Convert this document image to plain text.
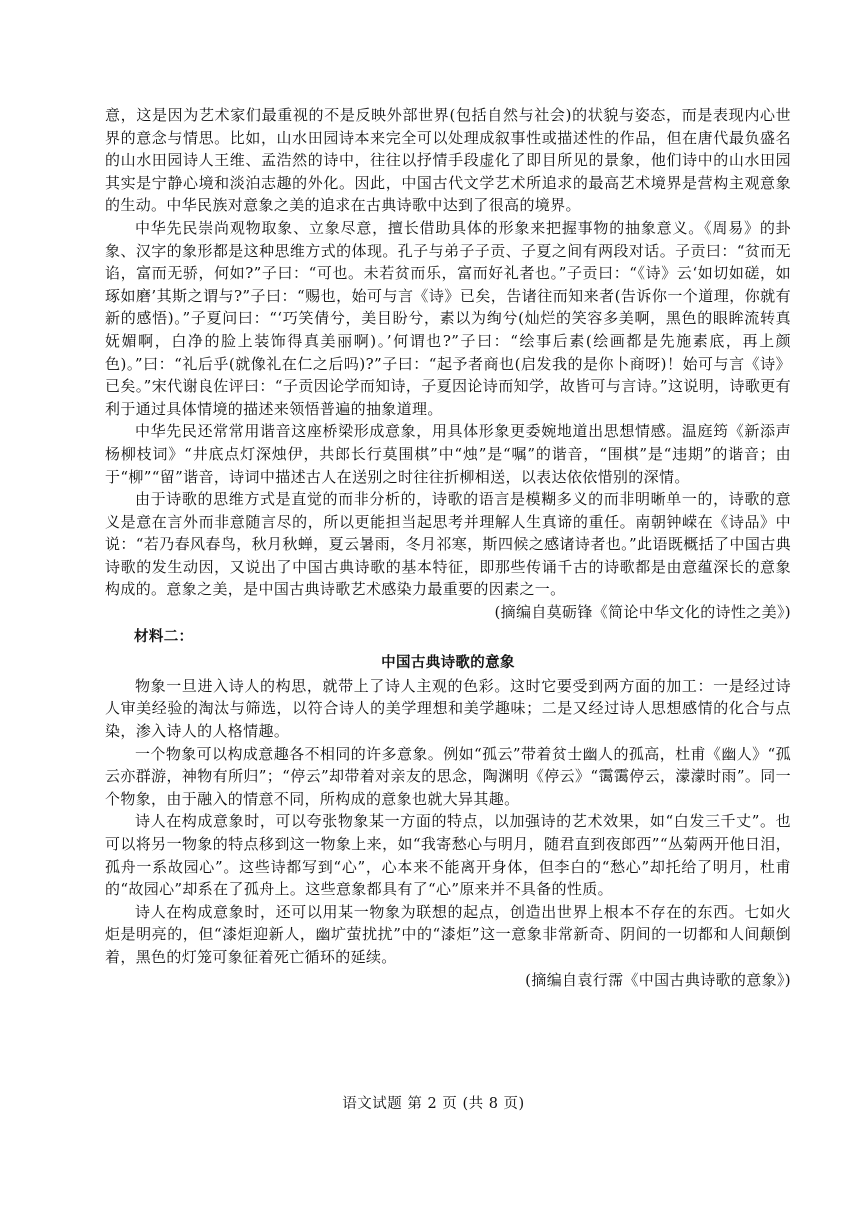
意，这是因为艺术家们最重视的不是反映外部世界(包括自然与社会)的状貌与姿态，而是表现内心世界的意念与情思。比如，山水田园诗本来完全可以处理成叙事性或描述性的作品，但在唐代最负盛名的山水田园诗人王维、孟浩然的诗中，往往以抒情手段虚化了即目所见的景象，他们诗中的山水田园其实是宁静心境和淡泊志趣的外化。因此，中国古代文学艺术所追求的最高艺术境界是营构主观意象的生动。中华民族对意象之美的追求在古典诗歌中达到了很高的境界。

中华先民崇尚观物取象、立象尽意，擅长借助具体的形象来把握事物的抽象意义。《周易》的卦象、汉字的象形都是这种思维方式的体现。孔子与弟子子贡、子夏之间有两段对话。子贡曰：“贫而无谄，富而无骄，何如?”子曰：“可也。未若贫而乐，富而好礼者也。”子贡曰：“《诗》云‘如切如磋，如琢如磨’其斯之谓与?”子曰：“赐也，始可与言《诗》已矣，告诸往而知来者(告诉你一个道理，你就有新的感悟)。”子夏问曰：“‘巧笑倩兮，美目盼兮，素以为绚兮(灿烂的笑容多美啊，黑色的眼眸流转真妩媚啊，白净的脸上装饰得真美丽啊)。’何谓也?”子曰：“绘事后素(绘画都是先施素底，再上颜色)。”曰：“礼后乎(就像礼在仁之后吗)?”子曰：“起予者商也(启发我的是你卜商呀)！始可与言《诗》已矣。”宋代谢良佐评曰：“子贡因论学而知诗，子夏因论诗而知学，故皆可与言诗。”这说明，诗歌更有利于通过具体情境的描述来领悟普遍的抽象道理。

中华先民还常常用谐音这座桥梁形成意象，用具体形象更委婉地道出思想情感。温庭筠《新添声杨柳枝词》“井底点灯深烛伊，共郎长行莫围棋”中“烛”是“嘱”的谐音，“围棋”是“违期”的谐音；由于“柳”“留”谐音，诗词中描述古人在送别之时往往折柳相送，以表达依依惜别的深情。

由于诗歌的思维方式是直觉的而非分析的，诗歌的语言是模糊多义的而非明晰单一的，诗歌的意义是意在言外而非意随言尽的，所以更能担当起思考并理解人生真谛的重任。南朝钟嵘在《诗品》中说：“若乃春风春鸟，秋月秋蝉，夏云暑雨，冬月祁寒，斯四候之感诸诗者也。”此语既概括了中国古典诗歌的发生动因，又说出了中国古典诗歌的基本特征，即那些传诵千古的诗歌都是由意蕴深长的意象构成的。意象之美，是中国古典诗歌艺术感染力最重要的因素之一。

(摘编自莫砺锋《简论中华文化的诗性之美》)

材料二：

中国古典诗歌的意象

物象一旦进入诗人的构思，就带上了诗人主观的色彩。这时它要受到两方面的加工：一是经过诗人审美经验的淘汰与筛选，以符合诗人的美学理想和美学趣味；二是又经过诗人思想感情的化合与点染，渗入诗人的人格情趣。

一个物象可以构成意趣各不相同的许多意象。例如“孤云”带着贫士幽人的孤高，杜甫《幽人》“孤云亦群游，神物有所归”；“停云”却带着对亲友的思念，陶渊明《停云》“霭霭停云，濛濛时雨”。同一个物象，由于融入的情意不同，所构成的意象也就大异其趣。

诗人在构成意象时，可以夸张物象某一方面的特点，以加强诗的艺术效果，如“白发三千丈”。也可以将另一物象的特点移到这一物象上来，如“我寄愁心与明月，随君直到夜郎西”“丛菊两开他日泪，孤舟一系故园心”。这些诗都写到“心”，心本来不能离开身体，但李白的“愁心”却托给了明月，杜甫的“故园心”却系在了孤舟上。这些意象都具有了“心”原来并不具备的性质。

诗人在构成意象时，还可以用某一物象为联想的起点，创造出世界上根本不存在的东西。七如火炬是明亮的，但“漆炬迎新人，幽圹萤扰扰”中的“漆炬”这一意象非常新奇、阴间的一切都和人间颠倒着，黑色的灯笼可象征着死亡循环的延续。

(摘编自袁行霈《中国古典诗歌的意象》)

语文试题 第 2 页 (共 8 页)
